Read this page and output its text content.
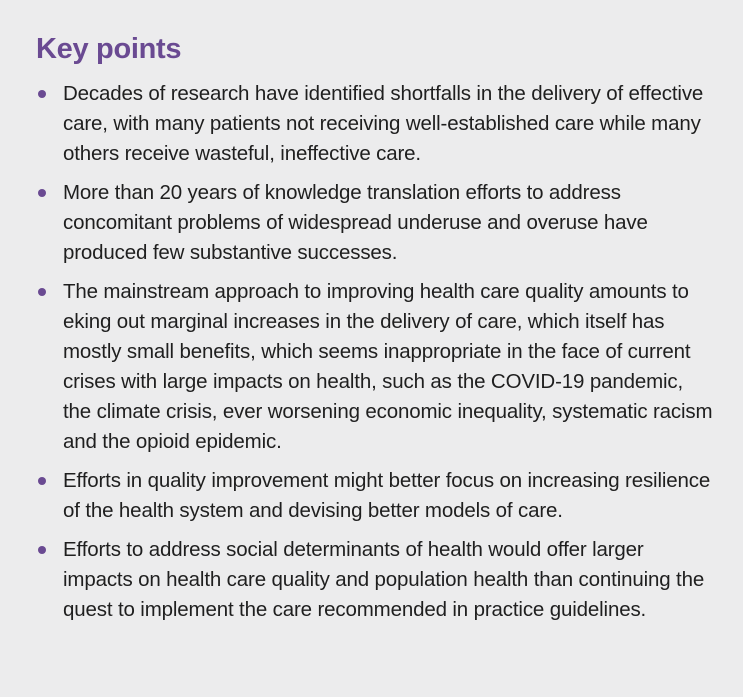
Key points
Decades of research have identified shortfalls in the delivery of effective care, with many patients not receiving well-established care while many others receive wasteful, ineffective care.
More than 20 years of knowledge translation efforts to address concomitant problems of widespread underuse and overuse have produced few substantive successes.
The mainstream approach to improving health care quality amounts to eking out marginal increases in the delivery of care, which itself has mostly small benefits, which seems inappropriate in the face of current crises with large impacts on health, such as the COVID-19 pandemic, the climate crisis, ever worsening economic inequality, systematic racism and the opioid epidemic.
Efforts in quality improvement might better focus on increasing resilience of the health system and devising better models of care.
Efforts to address social determinants of health would offer larger impacts on health care quality and population health than continuing the quest to implement the care recommended in practice guidelines.
